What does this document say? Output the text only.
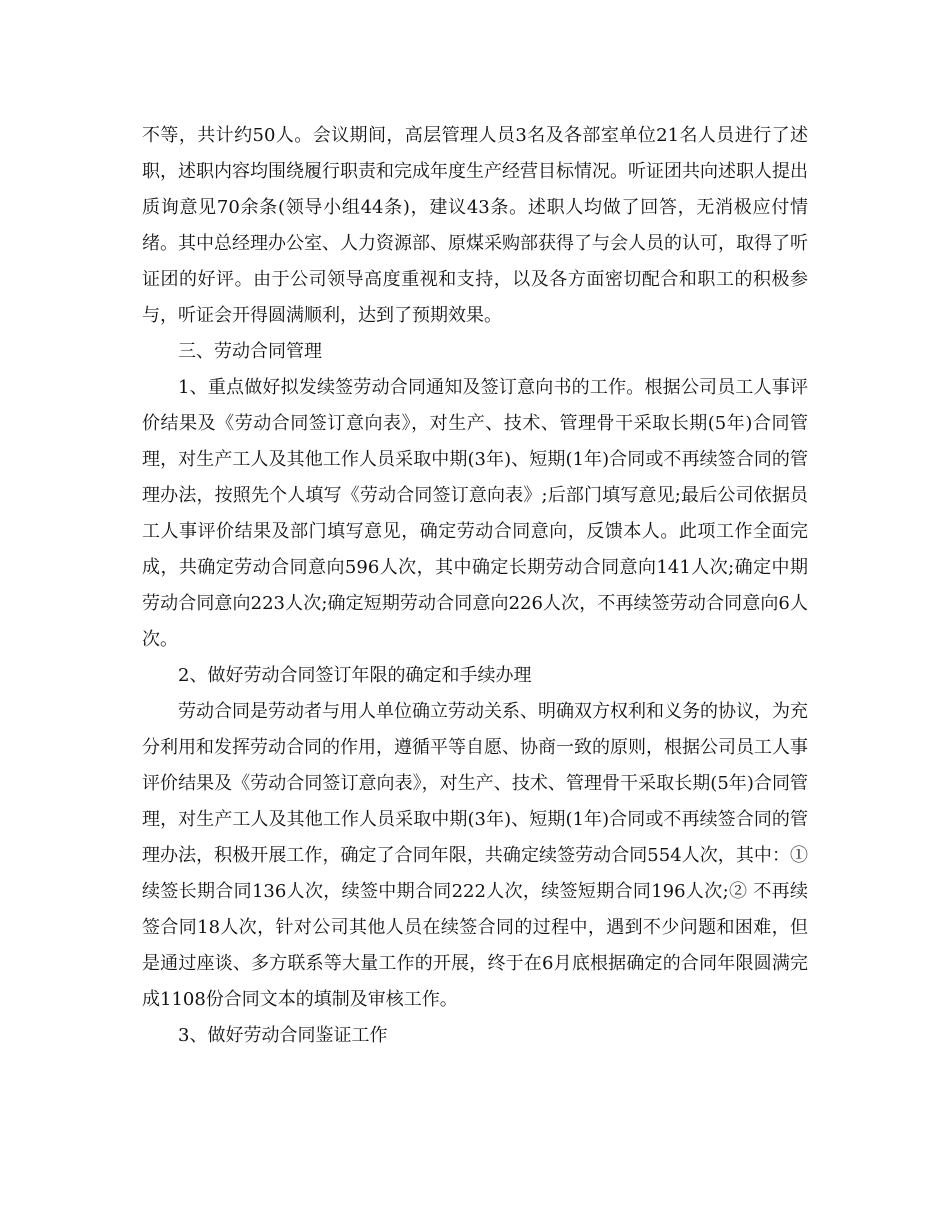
不等，共计约50人。会议期间，高层管理人员3名及各部室单位21名人员进行了述职，述职内容均围绕履行职责和完成年度生产经营目标情况。听证团共向述职人提出质询意见70余条(领导小组44条)，建议43条。述职人均做了回答，无消极应付情绪。其中总经理办公室、人力资源部、原煤采购部获得了与会人员的认可，取得了听证团的好评。由于公司领导高度重视和支持，以及各方面密切配合和职工的积极参与，听证会开得圆满顺利，达到了预期效果。

三、劳动合同管理

1、重点做好拟发续签劳动合同通知及签订意向书的工作。根据公司员工人事评价结果及《劳动合同签订意向表》，对生产、技术、管理骨干采取长期(5年)合同管理，对生产工人及其他工作人员采取中期(3年)、短期(1年)合同或不再续签合同的管理办法，按照先个人填写《劳动合同签订意向表》;后部门填写意见;最后公司依据员工人事评价结果及部门填写意见，确定劳动合同意向，反馈本人。此项工作全面完成，共确定劳动合同意向596人次，其中确定长期劳动合同意向141人次;确定中期劳动合同意向223人次;确定短期劳动合同意向226人次，不再续签劳动合同意向6人次。

2、做好劳动合同签订年限的确定和手续办理

劳动合同是劳动者与用人单位确立劳动关系、明确双方权利和义务的协议，为充分利用和发挥劳动合同的作用，遵循平等自愿、协商一致的原则，根据公司员工人事评价结果及《劳动合同签订意向表》，对生产、技术、管理骨干采取长期(5年)合同管理，对生产工人及其他工作人员采取中期(3年)、短期(1年)合同或不再续签合同的管理办法，积极开展工作，确定了合同年限，共确定续签劳动合同554人次，其中：①续签长期合同136人次，续签中期合同222人次，续签短期合同196人次;② 不再续签合同18人次，针对公司其他人员在续签合同的过程中，遇到不少问题和困难，但是通过座谈、多方联系等大量工作的开展，终于在6月底根据确定的合同年限圆满完成1108份合同文本的填制及审核工作。

3、做好劳动合同鉴证工作
